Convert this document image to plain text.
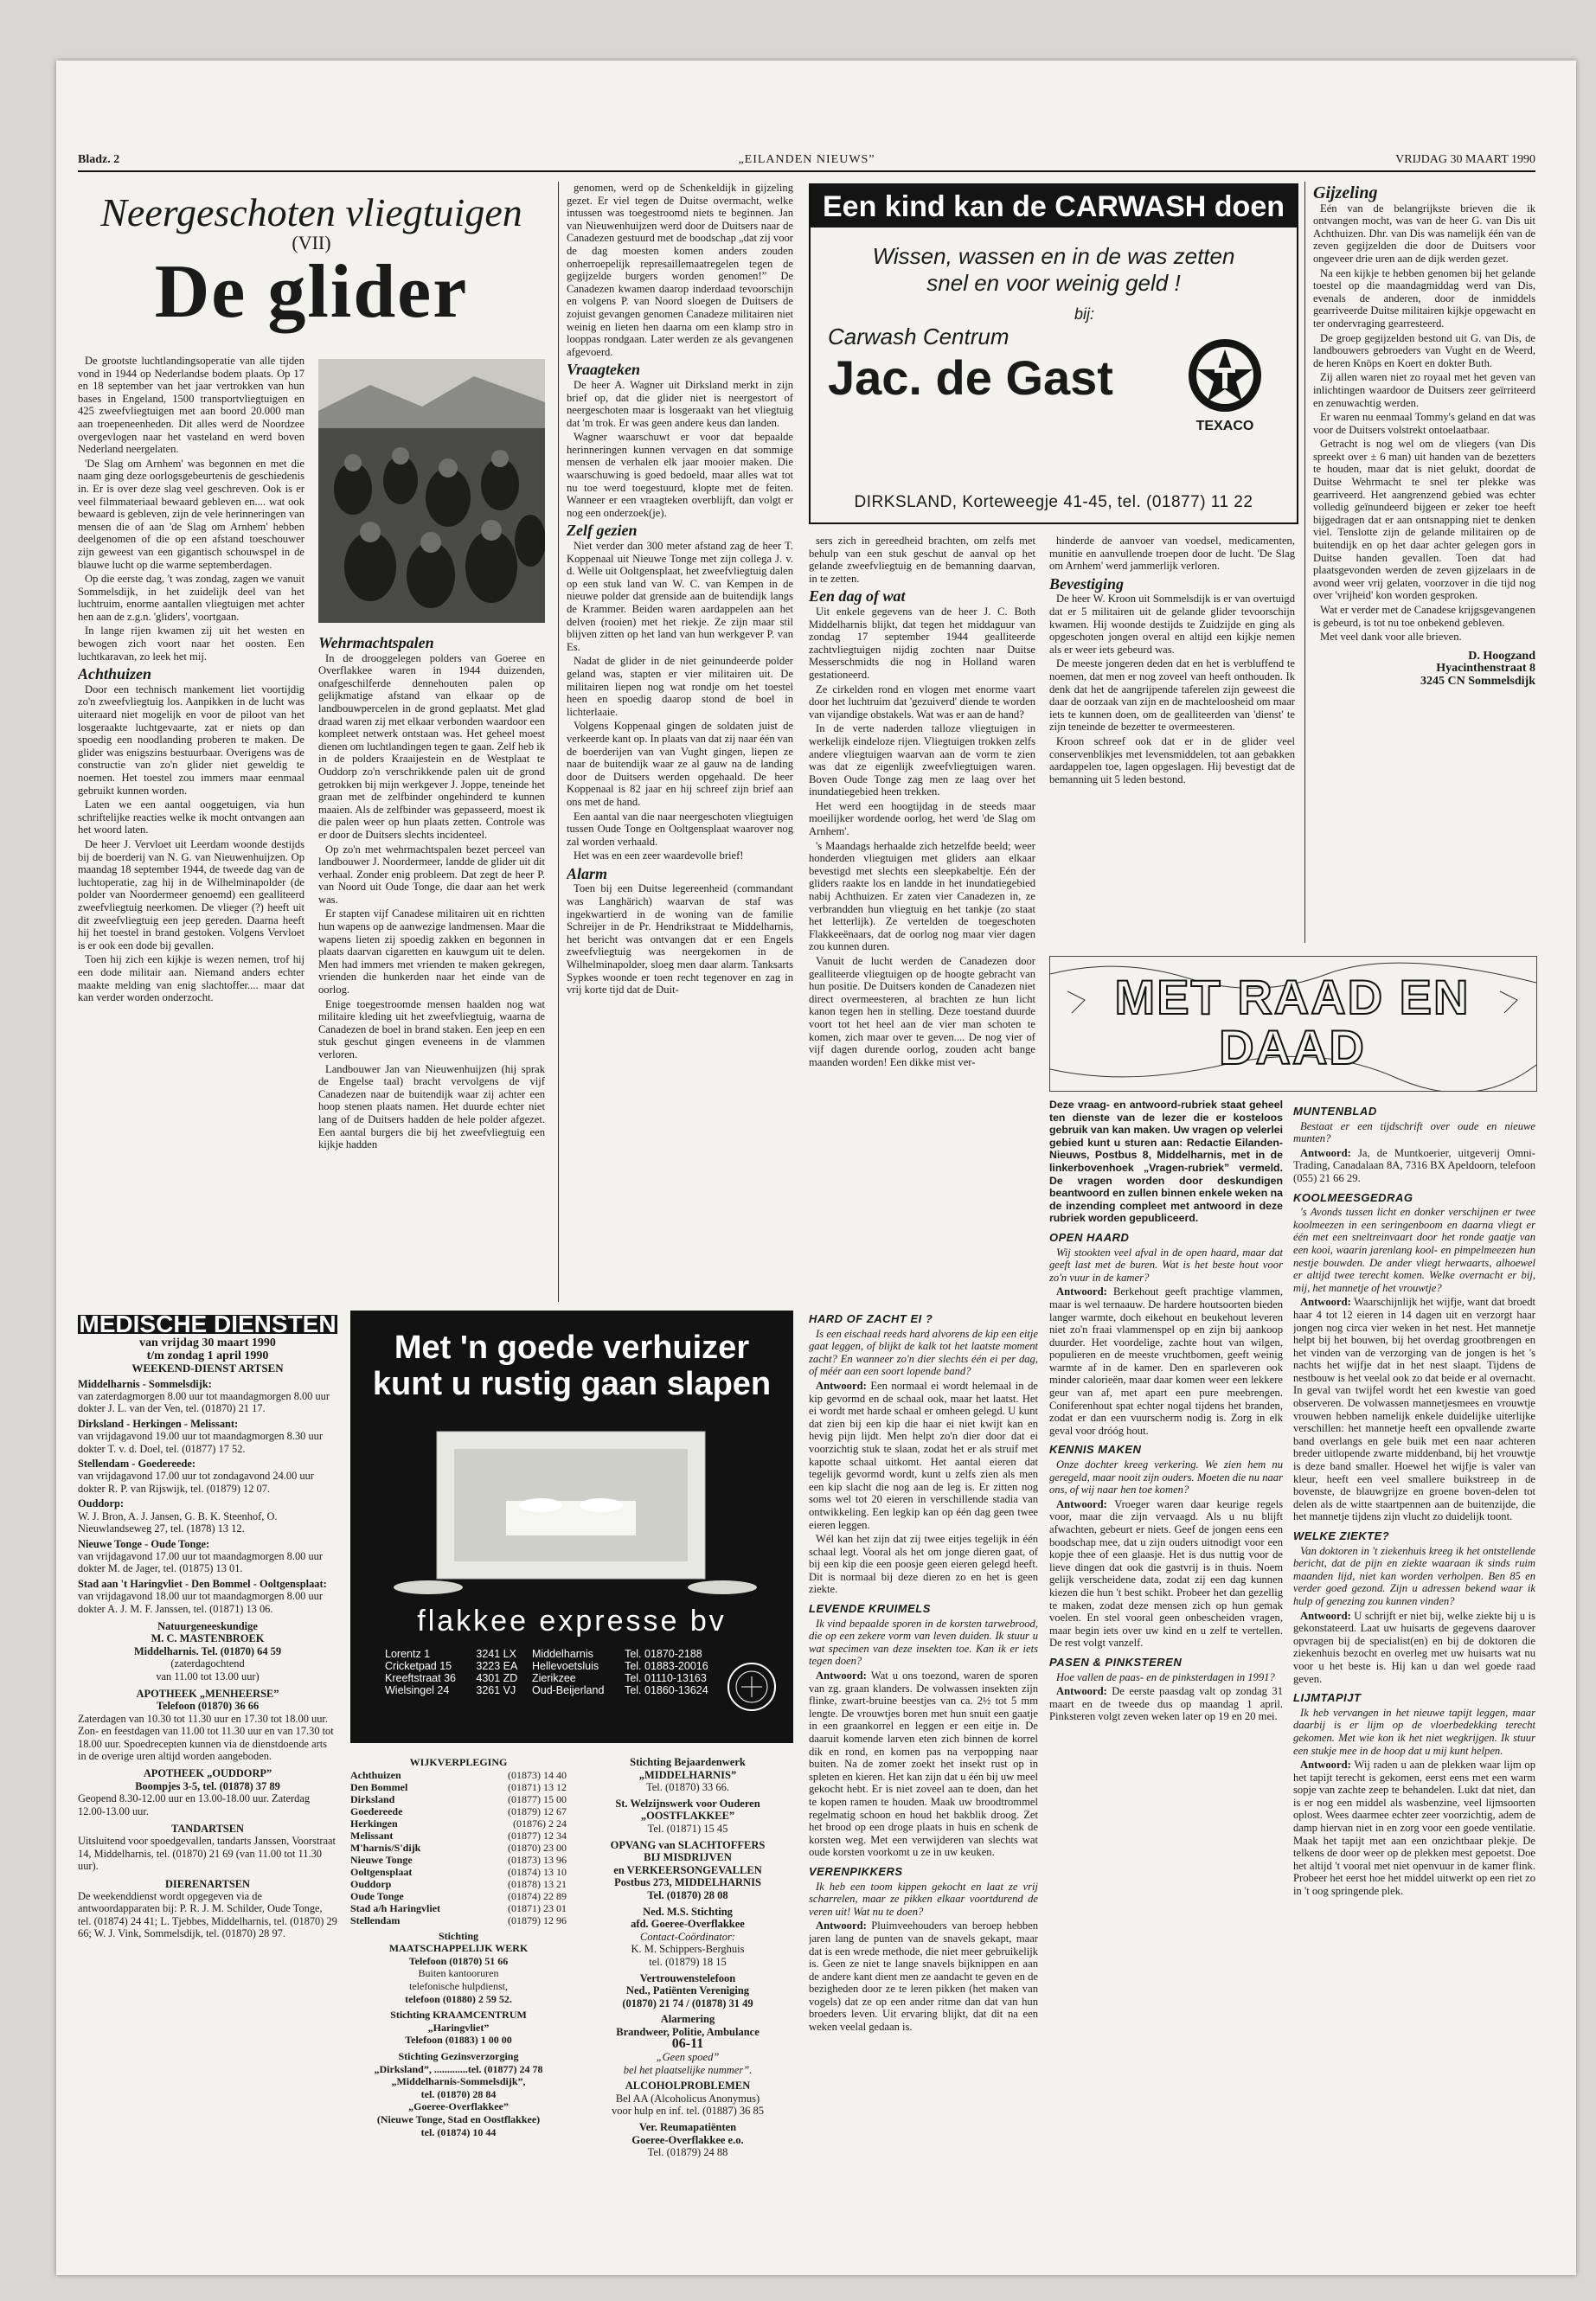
Bladz. 2	„EILANDEN NIEUWS”	VRIJDAG 30 MAART 1990
Neergeschoten vliegtuigen
(VII)
De glider

De grootste luchtlandingsoperatie van alle tijden vond in 1944 op Nederlandse bodem plaats. Op 17 en 18 september van het jaar vertrokken van hun bases in Engeland, 1500 transportvliegtuigen en 425 zweefvliegtuigen met aan boord 20.000 man aan troepeneenheden. Dit alles werd de Noordzee overgevlogen naar het vasteland en werd boven Nederland neergelaten.

'De Slag om Arnhem' was begonnen en met die naam ging deze oorlogsgebeurtenis de geschiedenis in. Er is over deze slag veel geschreven. Ook is er veel filmmateriaal bewaard gebleven en.... wat ook bewaard is gebleven, zijn de vele herinneringen van mensen die of aan 'de Slag om Arnhem' hebben deelgenomen of die op een afstand toeschouwer zijn geweest van een gigantisch schouwspel in de blauwe lucht op die warme septemberdagen.

Op die eerste dag, 't was zondag, zagen we vanuit Sommelsdijk, in het zuidelijk deel van het luchtruim, enorme aantallen vliegtuigen met achter hen aan de z.g.n. 'gliders', voortgaan.

In lange rijen kwamen zij uit het westen en bewogen zich voort naar het oosten. Een luchtkaravan, zo leek het mij.

Achthuizen

Door een technisch mankement liet voortijdig zo'n zweefvliegtuig los. Aanpikken in de lucht was uiteraard niet mogelijk en voor de piloot van het losgeraakte luchtgevaarte, zat er niets op dan spoedig een noodlanding proberen te maken. De glider was enigszins bestuurbaar. Overigens was de constructie van zo'n glider niet geweldig te noemen. Het toestel zou immers maar eenmaal gebruikt kunnen worden.

Laten we een aantal ooggetuigen, via hun schriftelijke reacties welke ik mocht ontvangen aan het woord laten.

De heer J. Vervloet uit Leerdam woonde destijds bij de boerderij van N. G. van Nieuwenhuijzen. Op maandag 18 september 1944, de tweede dag van de luchtoperatie, zag hij in de Wilhelminapolder (de polder van Noordermeer genoemd) een gealliteerd zweefvliegtuig neerkomen. De vlieger (?) heeft uit dit zweefvliegtuig een jeep gereden. Daarna heeft hij het toestel in brand gestoken. Volgens Vervloet is er ook een dode bij gevallen.

Toen hij zich een kijkje is wezen nemen, trof hij een dode militair aan. Niemand anders echter maakte melding van enig slachtoffer.... maar dat kan verder worden onderzocht.

Wehrmachtspalen

In de drooggelegen polders van Goeree en Overflakkee waren in 1944 duizenden, onafgeschilferde dennehouten palen op gelijkmatige afstand van elkaar op de landbouwpercelen in de grond geplaatst. Met glad draad waren zij met elkaar verbonden waardoor een kompleet netwerk ontstaan was. Het geheel moest dienen om luchtlandingen tegen te gaan. Zelf heb ik in de polders Kraaijestein en de Westplaat te Ouddorp zo'n verschrikkende palen uit de grond getrokken bij mijn werkgever J. Joppe, teneinde het graan met de zelfbinder ongehinderd te kunnen maaien. Als de zelfbinder was gepasseerd, moest ik die palen weer op hun plaats zetten. Controle was er door de Duitsers slechts incidenteel.

Op zo'n met wehrmachtspalen bezet perceel van landbouwer J. Noordermeer, landde de glider uit dit verhaal. Zonder enig probleem. Dat zegt de heer P. van Noord uit Oude Tonge, die daar aan het werk was.

Er stapten vijf Canadese militairen uit en richtten hun wapens op de aanwezige landmensen. Maar die wapens lieten zij spoedig zakken en begonnen in plaats daarvan cigaretten en kauwgum uit te delen. Men had immers met vrienden te maken gekregen, vrienden die hunkerden naar het einde van de oorlog.

Enige toegestroomde mensen haalden nog wat militaire kleding uit het zweefvliegtuig, waarna de Canadezen de boel in brand staken. Een jeep en een stuk geschut gingen eveneens in de vlammen verloren.

Landbouwer Jan van Nieuwenhuijzen (hij sprak de Engelse taal) bracht vervolgens de vijf Canadezen naar de buitendijk waar zij achter een hoop stenen plaats namen. Het duurde echter niet lang of de Duitsers hadden de hele polder afgezet. Een aantal burgers die bij het zweefvliegtuig een kijkje hadden

genomen, werd op de Schenkeldijk in gijzeling gezet. Er viel tegen de Duitse overmacht, welke intussen was toegestroomd niets te beginnen. Jan van Nieuwenhuijzen werd door de Duitsers naar de Canadezen gestuurd met de boodschap „dat zij voor de dag moesten komen anders zouden onherroepelijk represaillemaatregelen tegen de gegijzelde burgers worden genomen!” De Canadezen kwamen daarop inderdaad tevoorschijn en volgens P. van Noord sloegen de Duitsers de zojuist gevangen genomen Canadeze militairen niet weinig en lieten hen daarna om een klamp stro in looppas rondgaan. Later werden ze als gevangenen afgevoerd.

Vraagteken

De heer A. Wagner uit Dirksland merkt in zijn brief op, dat die glider niet is neergestort of neergeschoten maar is losgeraakt van het vliegtuig dat 'm trok. Er was geen andere keus dan landen.

Wagner waarschuwt er voor dat bepaalde herinneringen kunnen vervagen en dat sommige mensen de verhalen elk jaar mooier maken. Die waarschuwing is goed bedoeld, maar alles wat tot nu toe werd toegestuurd, klopte met de feiten. Wanneer er een vraagteken overblijft, dan volgt er nog een onderzoek(je).

Zelf gezien

Niet verder dan 300 meter afstand zag de heer T. Koppenaal uit Nieuwe Tonge met zijn collega J. v. d. Welle uit Ooltgensplaat, het zweefvliegtuig dalen op een stuk land van W. C. van Kempen in de nieuwe polder dat grenside aan de buitendijk langs de Krammer. Beiden waren aardappelen aan het delven (rooien) met het riekje. Ze zijn maar stil blijven zitten op het land van hun werkgever P. van Es.

Nadat de glider in de niet geinundeerde polder geland was, stapten er vier militairen uit. De militairen liepen nog wat rondje om het toestel heen en spoedig daarop stond de boel in lichterlaaie.

Volgens Koppenaal gingen de soldaten juist de verkeerde kant op. In plaats van dat zij naar één van de boerderijen van van Vught gingen, liepen ze naar de buitendijk waar ze al gauw na de landing door de Duitsers werden opgehaald. De heer Koppenaal is 82 jaar en hij schreef zijn brief aan ons met de hand.

Een aantal van die naar neergeschoten vliegtuigen tussen Oude Tonge en Ooltgensplaat waarover nog zal worden verhaald.

Het was en een zeer waardevolle brief!

Alarm

Toen bij een Duitse legereenheid (commandant was Langhärich) waarvan de staf was ingekwartierd in de woning van de familie Schreijer in de Pr. Hendrikstraat te Middelharnis, het bericht was ontvangen dat er een Engels zweefvliegtuig was neergekomen in de Wilhelminapolder, sloeg men daar alarm. Tanksarts Sypkes woonde er toen recht tegenover en zag in vrij korte tijd dat de Duit-

Een kind kan de CARWASH doen
Wissen, wassen en in de was zetten
snel en voor weinig geld !
bij:
Carwash Centrum
Jac. de Gast
TEXACO
DIRKSLAND, Korteweegje 41-45, tel. (01877) 11 22

sers zich in gereedheid brachten, om zelfs met behulp van een stuk geschut de aanval op het gelande zweefvliegtuig en de bemanning daarvan, in te zetten.

Een dag of wat

Uit enkele gegevens van de heer J. C. Both Middelharnis blijkt, dat tegen het middaguur van zondag 17 september 1944 gealliteerde zachtvliegtuigen nijdig zochten naar Duitse Messerschmidts die nog in Holland waren gestationeerd.

Ze cirkelden rond en vlogen met enorme vaart door het luchtruim dat 'gezuiverd' diende te worden van vijandige obstakels. Wat was er aan de hand?

In de verte naderden talloze vliegtuigen in werkelijk eindeloze rijen. Vliegtuigen trokken zelfs andere vliegtuigen waarvan aan de vorm te zien was dat ze eigenlijk zweefvliegtuigen waren. Boven Oude Tonge zag men ze laag over het inundatiegebied heen trekken.

Het werd een hoogtijdag in de steeds maar moeilijker wordende oorlog, het werd 'de Slag om Arnhem'.

's Maandags herhaalde zich hetzelfde beeld; weer honderden vliegtuigen met gliders aan elkaar bevestigd met slechts een sleepkabeltje. Eén der gliders raakte los en landde in het inundatiegebied nabij Achthuizen. Er zaten vier Canadezen in, ze verbrandden hun vliegtuig en het tankje (zo staat het letterlijk). Ze vertelden de toegeschoten Flakkeeënaars, dat de oorlog nog maar vier dagen zou kunnen duren.

Vanuit de lucht werden de Canadezen door gealliteerde vliegtuigen op de hoogte gebracht van hun positie. De Duitsers konden de Canadezen niet direct overmeesteren, al brachten ze hun licht kanon tegen hen in stelling. Deze toestand duurde voort tot het heel aan de vier man schoten te komen, zich maar over te geven.... De nog vier of vijf dagen durende oorlog, zouden acht bange maanden worden! Een dikke mist ver-

hinderde de aanvoer van voedsel, medicamenten, munitie en aanvullende troepen door de lucht. 'De Slag om Arnhem' werd jammerlijk verloren.

Bevestiging

De heer W. Kroon uit Sommelsdijk is er van overtuigd dat er 5 militairen uit de gelande glider tevoorschijn kwamen. Hij woonde destijds te Zuidzijde en ging als opgeschoten jongen overal en altijd een kijkje nemen als er weer iets gebeurd was.

De meeste jongeren deden dat en het is verbluffend te noemen, dat men er nog zoveel van heeft onthouden. Ik denk dat het de aangrijpende taferelen zijn geweest die daar de oorzaak van zijn en de machteloosheid om maar iets te kunnen doen, om de gealliteerden van 'dienst' te zijn teneinde de bezetter te overmeesteren.

Kroon schreef ook dat er in de glider veel conservenblikjes met levensmiddelen, tot aan gebakken aardappelen toe, lagen opgeslagen. Hij bevestigt dat de bemanning uit 5 leden bestond.

Gijzeling

Eén van de belangrijkste brieven die ik ontvangen mocht, was van de heer G. van Dis uit Achthuizen. Dhr. van Dis was namelijk één van de zeven gegijzelden die door de Duitsers voor ongeveer drie uren aan de dijk werden gezet.

Na een kijkje te hebben genomen bij het gelande toestel op die maandagmiddag werd van Dis, evenals de anderen, door de inmiddels gearriveerde Duitse militairen kijkje opgewacht en ter ondervraging gearresteerd.

De groep gegijzelden bestond uit G. van Dis, de landbouwers gebroeders van Vught en de Weerd, de heren Knöps en Koert en dokter Buth.

Zij allen waren niet zo royaal met het geven van inlichtingen waardoor de Duitsers zeer geïrriteerd en zenuwachtig werden.

Er waren nu eenmaal Tommy's geland en dat was voor de Duitsers volstrekt ontoelaatbaar.

Getracht is nog wel om de vliegers (van Dis spreekt over ± 6 man) uit handen van de bezetters te houden, maar dat is niet gelukt, doordat de Duitse Wehrmacht te snel ter plekke was gearriveerd. Het aangrenzend gebied was echter volledig geïnundeerd bijgeen er zeker toe heeft bijgedragen dat er aan ontsnapping niet te denken viel. Tenslotte zijn de gelande militairen op de buitendijk en op het daar achter gelegen gors in Duitse handen gevallen. Toen dat had plaatsgevonden werden de zeven gijzelaars in de avond weer vrij gelaten, voorzover in die tijd nog over 'vrijheid' kon worden gesproken.

Wat er verder met de Canadese krijgsgevangenen is gebeurd, is tot nu toe onbekend gebleven.

Met veel dank voor alle brieven.

D. Hoogzand
Hyacinthenstraat 8
3245 CN Sommelsdijk
MET RAAD EN DAAD
MEDISCHE DIENSTEN
van vrijdag 30 maart 1990
t/m zondag 1 april 1990
WEEKEND-DIENST ARTSEN
Middelharnis - Sommelsdijk:
van zaterdagmorgen 8.00 uur tot maandagmorgen 8.00 uur dokter J. L. van der Ven, tel. (01870) 21 17.
Dirksland - Herkingen - Melissant:
van vrijdagavond 19.00 uur tot maandagmorgen 8.30 uur dokter T. v. d. Doel, tel. (01877) 17 52.
Stellendam - Goedereede:
van vrijdagavond 17.00 uur tot zondagavond 24.00 uur dokter R. P. van Rijswijk, tel. (01879) 12 07.
Ouddorp:
W. J. Bron, A. J. Jansen, G. B. K. Steenhof, O. Nieuwlandseweg 27, tel. (1878) 13 12.
Nieuwe Tonge - Oude Tonge:
van vrijdagavond 17.00 uur tot maandagmorgen 8.00 uur dokter M. de Jager, tel. (01875) 13 01.
Stad aan 't Haringvliet - Den Bommel - Ooltgensplaat:
van vrijdagavond 18.00 uur tot maandagmorgen 8.00 uur dokter A. J. M. F. Janssen, tel. (01871) 13 06.
Natuurgeneeskundige
M. C. MASTENBROEK
Middelharnis. Tel. (01870) 64 59
(zaterdagochtend
van 11.00 tot 13.00 uur)
APOTHEEK „MENHEERSE”
Telefoon (01870) 36 66
Zaterdagen van 10.30 tot 11.30 uur en 17.30 tot 18.00 uur. Zon- en feestdagen van 11.00 tot 11.30 uur en van 17.30 tot 18.00 uur. Spoedrecepten kunnen via de dienstdoende arts in de overige uren altijd worden aangeboden.
APOTHEEK „OUDDORP”
Boompjes 3-5, tel. (01878) 37 89
Geopend 8.30-12.00 uur en 13.00-18.00 uur. Zaterdag 12.00-13.00 uur.
TANDARTSEN
Uitsluitend voor spoedgevallen, tandarts Janssen, Voorstraat 14, Middelharnis, tel. (01870) 21 69 (van 11.00 tot 11.30 uur).
DIERENARTSEN
De weekenddienst wordt opgegeven via de antwoordapparaten bij: P. R. J. M. Schilder, Oude Tonge, tel. (01874) 24 41; L. Tjebbes, Middelharnis, tel. (01870) 29 66; W. J. Vink, Sommelsdijk, tel. (01870) 28 97.
Met 'n goede verhuizer
kunt u rustig gaan slapen
flakkee expresse bv
Lorentz 1	3241 LX	Middelharnis	Tel. 01870-2188
Cricketpad 15	3223 EA	Hellevoetsluis	Tel. 01883-20016
Kreeftstraat 36	4301 ZD	Zierikzee	Tel. 01110-13163
Wielsingel 24	3261 VJ	Oud-Beijerland	Tel. 01860-13624
WIJKVERPLEGING
Achthuizen	(01873) 14 40
Den Bommel	(01871) 13 12
Dirksland	(01877) 15 00
Goedereede	(01879) 12 67
Herkingen	(01876) 2 24
Melissant	(01877) 12 34
M'harnis/S'dijk	(01870) 23 00
Nieuwe Tonge	(01873) 13 96
Ooltgensplaat	(01874) 13 10
Ouddorp	(01878) 13 21
Oude Tonge	(01874) 22 89
Stad a/h Haringvliet	(01871) 23 01
Stellendam	(01879) 12 96
Stichting
MAATSCHAPPELIJK WERK
Telefoon (01870) 51 66
Buiten kantooruren
telefonische hulpdienst,
telefoon (01880) 2 59 52.
Stichting KRAAMCENTRUM
„Haringvliet”
Telefoon (01883) 1 00 00
Stichting Gezinsverzorging
„Dirksland”, .............tel. (01877) 24 78
„Middelharnis-Sommelsdijk”,
tel. (01870) 28 84
„Goeree-Overflakkee”
(Nieuwe Tonge, Stad en Oostflakkee)
tel. (01874) 10 44
Stichting Bejaardenwerk
„MIDDELHARNIS”
Tel. (01870) 33 66.
St. Welzijnswerk voor Ouderen
„OOSTFLAKKEE”
Tel. (01871) 15 45
OPVANG van SLACHTOFFERS
BIJ MISDRIJVEN
en VERKEERSONGEVALLEN
Postbus 273, MIDDELHARNIS
Tel. (01870) 28 08
Ned. M.S. Stichting
afd. Goeree-Overflakkee
Contact-Coördinator:
K. M. Schippers-Berghuis
tel. (01879) 18 15
Vertrouwenstelefoon
Ned., Patiënten Vereniging
(01870) 21 74 / (01878) 31 49
Alarmering
Brandweer, Politie, Ambulance
06-11
„Geen spoed”
bel het plaatselijke nummer”.
ALCOHOLPROBLEMEN
Bel AA (Alcoholicus Anonymus)
voor hulp en inf. tel. (01887) 36 85
Ver. Reumapatiënten
Goeree-Overflakkee e.o.
Tel. (01879) 24 88
HARD OF ZACHT EI ?

Is een eischaal reeds hard alvorens de kip een eitje gaat leggen, of blijkt de kalk tot het laatste moment zacht? En wanneer zo'n dier slechts één ei per dag, of méér aan een soort lopende band?

Antwoord: Een normaal ei wordt helemaal in de kip gevormd en de schaal ook, maar het laatst. Het ei wordt met harde schaal er omheen gelegd. U kunt dat zien bij een kip die haar ei niet kwijt kan en hevig pijn lijdt. Men helpt zo'n dier door dat ei voorzichtig stuk te slaan, zodat het er als struif met kapotte schaal uitkomt. Het aantal eieren dat tegelijk gevormd wordt, kunt u zelfs zien als men een kip slacht die nog aan de leg is. Er zitten nog soms wel tot 20 eieren in verschillende stadia van ontwikkeling. Een legkip kan op één dag geen twee eieren leggen.

Wél kan het zijn dat zij twee eitjes tegelijk in één schaal legt. Vooral als het om jonge dieren gaat, of bij een kip die een poosje geen eieren gelegd heeft. Dit is normaal bij deze dieren zo en het is geen ziekte.

LEVENDE KRUIMELS

Ik vind bepaalde sporen in de korsten tarwebrood, die op een zekere vorm van leven duiden. Ik stuur u wat specimen van deze insekten toe. Kan ik er iets tegen doen?

Antwoord: Wat u ons toezond, waren de sporen van zg. graan klanders. De volwassen insekten zijn flinke, zwart-bruine beestjes van ca. 2½ tot 5 mm lengte. De vrouwtjes boren met hun snuit een gaatje in een graankorrel en leggen er een eitje in. De daaruit komende larven eten zich binnen de korrel dik en rond, en komen pas na verpopping naar buiten. Na de zomer zoekt het insekt rust op in spleten en kieren. Het kan zijn dat u één bij uw meel gekocht hebt. Er is niet zoveel aan te doen, dan het te kopen ramen te houden. Maak uw broodtrommel regelmatig schoon en houd het bakblik droog. Zet het brood op een droge plaats in huis en schenk de korsten weg. Met een verwijderen van slechts wat oude korsten voorkomt u ze in uw keuken.

VERENPIKKERS

Ik heb een toom kippen gekocht en laat ze vrij scharrelen, maar ze pikken elkaar voortdurend de veren uit! Wat nu te doen?

Antwoord: Pluimveehouders van beroep hebben jaren lang de punten van de snavels gekapt, maar dat is een wrede methode, die niet meer gebruikelijk is. Geen ze niet te lange snavels bijknippen en aan de andere kant dient men ze aandacht te geven en de bezigheden door ze te leren pikken (het maken van vogels) dat ze op een ander ritme dan dat van hun broeders leven. Uit ervaring blijkt, dat dit na een weken veelal gedaan is.

Deze vraag- en antwoord-rubriek staat geheel ten dienste van de lezer die er kosteloos gebruik van kan maken. Uw vragen op velerlei gebied kunt u sturen aan: Redactie Eilanden-Nieuws, Postbus 8, Middelharnis, met in de linkerbovenhoek „Vragen-rubriek” vermeld. De vragen worden door deskundigen beantwoord en zullen binnen enkele weken na de inzending compleet met antwoord in deze rubriek worden gepubliceerd.
OPEN HAARD

Wij stookten veel afval in de open haard, maar dat geeft last met de buren. Wat is het beste hout voor zo'n vuur in de kamer?

Antwoord: Berkehout geeft prachtige vlammen, maar is wel ternaauw. De hardere houtsoorten bieden langer warmte, doch eikehout en beukehout leveren niet zo'n fraai vlammenspel op en zijn bij aankoop duurder. Het voordelige, zachte hout van wilgen, populieren en de meeste vruchtbomen, geeft weinig warmte af in de kamer. Den en sparleveren ook minder calorieën, maar daar komen weer een lekkere geur van af, met apart een pure meebrengen. Coniferenhout spat echter nogal tijdens het branden, zodat er dan een vuurscherm nodig is. Zorg in elk geval voor dróóg hout.

KENNIS MAKEN

Onze dochter kreeg verkering. We zien hem nu geregeld, maar nooit zijn ouders. Moeten die nu naar ons, of wij naar hen toe komen?

Antwoord: Vroeger waren daar keurige regels voor, maar die zijn vervaagd. Als u nu blijft afwachten, gebeurt er niets. Geef de jongen eens een boodschap mee, dat u zijn ouders uitnodigt voor een kopje thee of een glaasje. Het is dus nuttig voor de lieve dingen dat ook die gastvrij is in thuis. Noem gelijk verscheidene data, zodat zij een dag kunnen kiezen die hun 't best schikt. Probeer het dan gezellig te maken, zodat deze mensen zich op hun gemak voelen. En stel vooral geen onbescheiden vragen, maar begin iets over uw kind en u zelf te vertellen. De rest volgt vanzelf.

PASEN & PINKSTEREN

Hoe vallen de paas- en de pinksterdagen in 1991?

Antwoord: De eerste paasdag valt op zondag 31 maart en de tweede dus op maandag 1 april. Pinksteren volgt zeven weken later op 19 en 20 mei.

MUNTENBLAD

Bestaat er een tijdschrift over oude en nieuwe munten?

Antwoord: Ja, de Muntkoerier, uitgeverij Omni-Trading, Canadalaan 8A, 7316 BX Apeldoorn, telefoon (055) 21 66 29.

KOOLMEESGEDRAG

's Avonds tussen licht en donker verschijnen er twee koolmeezen in een seringenboom en daarna vliegt er één met een sneltreinvaart door het ronde gaatje van een kooi, waarin jarenlang kool- en pimpelmeezen hun nestje bouwden. De ander vliegt herwaarts, alhoewel er altijd twee terecht komen. Welke overnacht er bij, mij, het mannetje of het vrouwtje?

Antwoord: Waarschijnlijk het wijfje, want dat broedt haar 4 tot 12 eieren in 14 dagen uit en verzorgt haar jongen nog circa vier weken in het nest. Het mannetje helpt bij het bouwen, bij het overdag grootbrengen en het vinden van de verzorging van de jongen is het 's nachts het wijfje dat in het nest slaapt. Tijdens de nestbouw is het veelal ook zo dat beide er al overnacht. In geval van twijfel wordt het een kwestie van goed observeren. De volwassen mannetjesmees en vrouwtje vrouwen hebben namelijk enkele duidelijke uiterlijke verschillen: het mannetje heeft een opvallende zwarte band overlangs en gele buik met een naar achteren breder uitlopende zwarte middenband, bij het vrouwtje is deze band smaller. Hoewel het wijfje is valer van kleur, heeft een veel smallere buikstreep in de bovenste, de blauwgrijze en groene boven-delen tot delen als de witte staartpennen aan de buitenzijde, die het mannetje tijdens zijn vlucht zo duidelijk toont.

WELKE ZIEKTE?

Van doktoren in 't ziekenhuis kreeg ik het ontstellende bericht, dat de pijn en ziekte waaraan ik sinds ruim maanden lijd, niet kan worden verholpen. Ben 85 en verder goed gezond. Zijn u adressen bekend waar ik hulp of genezing zou kunnen vinden?

Antwoord: U schrijft er niet bij, welke ziekte bij u is gekonstateerd. Laat uw huisarts de gegevens daarover opvragen bij de specialist(en) en bij de doktoren die ziekenhuis bezocht en overleg met uw huisarts wat nu voor u het beste is. Hij kan u dan wel goede raad geven.

LIJMTAPIJT

Ik heb vervangen in het nieuwe tapijt leggen, maar daarbij is er lijm op de vloerbedekking terecht gekomen. Met wie kon ik het niet wegkrijgen. Ik stuur een stukje mee in de hoop dat u mij kunt helpen.

Antwoord: Wij raden u aan de plekken waar lijm op het tapijt terecht is gekomen, eerst eens met een warm sopje van zachte zeep te behandelen. Lukt dat niet, dan is er nog een middel als wasbenzine, veel lijmsoorten oplost. Wees daarmee echter zeer voorzichtig, adem de damp hiervan niet in en zorg voor een goede ventilatie. Maak het tapijt met aan een onzichtbaar plekje. De telkens de door weer op de plekken mest gepoetst. Doe het altijd 't vooral met niet openvuur in de kamer flink. Probeer het eerst hoe het middel uitwerkt op een riet zo in 't oog springende plek.
